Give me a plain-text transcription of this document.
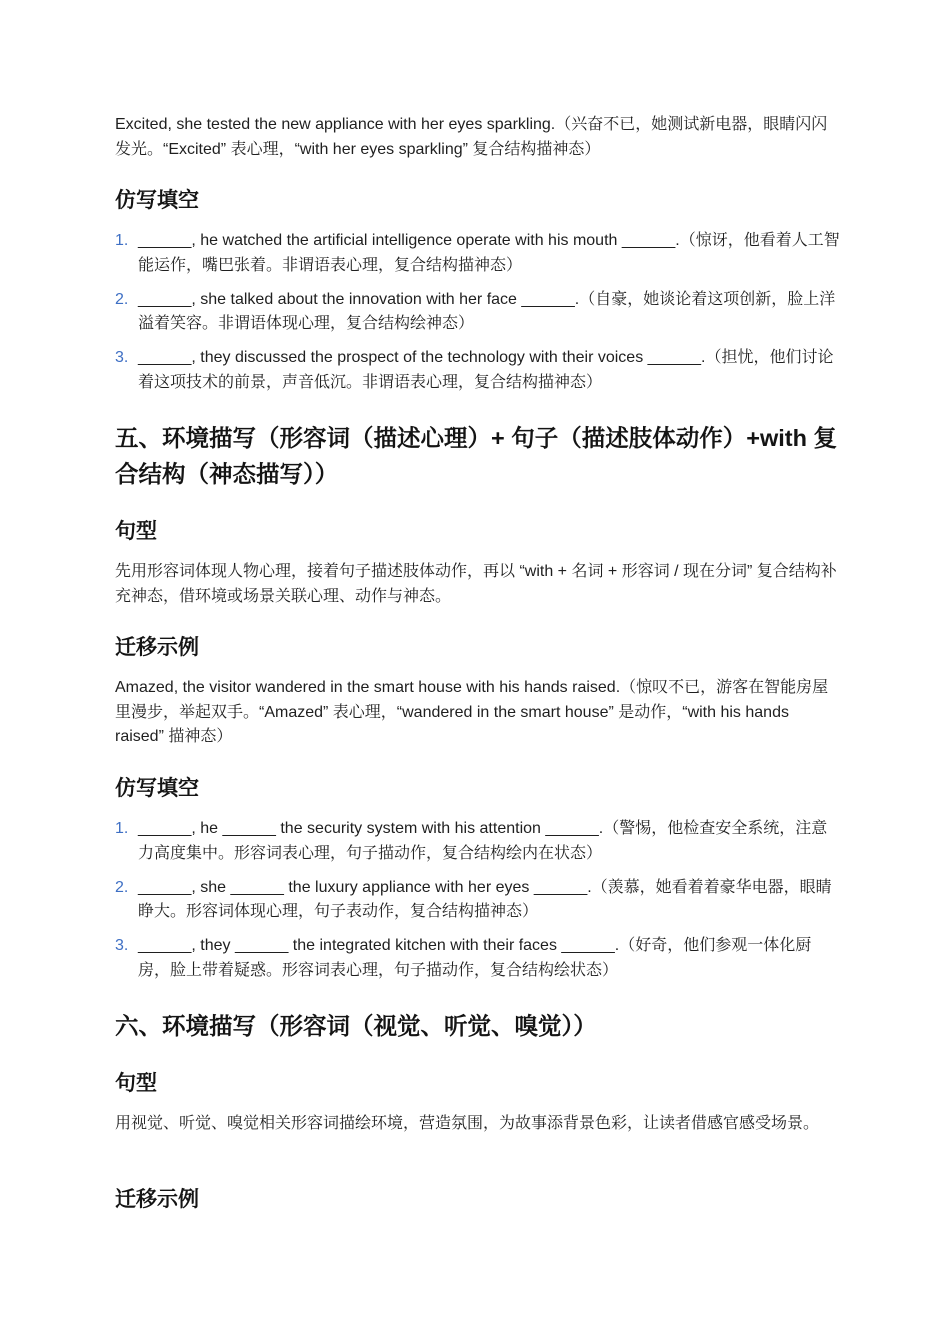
Excited, she tested the new appliance with her eyes sparkling.（兴奋不已，她测试新电器，眼睛闪闪发光。“Excited” 表心理，“with her eyes sparkling” 复合结构描神态）

仿写填空
1. ______, he watched the artificial intelligence operate with his mouth ______.（惊讶，他看着人工智能运作，嘴巴张着。非谓语表心理，复合结构描神态）
2. ______, she talked about the innovation with her face ______.（自豪，她谈论着这项创新，脸上洋溢着笑容。非谓语体现心理，复合结构绘神态）
3. ______, they discussed the prospect of the technology with their voices ______.（担忧，他们讨论着这项技术的前景，声音低沉。非谓语表心理，复合结构描神态）
五、环境描写（形容词（描述心理）+ 句子（描述肢体动作）+with 复合结构（神态描写））
句型

先用形容词体现人物心理，接着句子描述肢体动作，再以 “with + 名词 + 形容词 / 现在分词” 复合结构补充神态，借环境或场景关联心理、动作与神态。

迁移示例

Amazed, the visitor wandered in the smart house with his hands raised.（惊叹不已，游客在智能房屋里漫步，举起双手。“Amazed” 表心理，“wandered in the smart house” 是动作，“with his hands raised” 描神态）

仿写填空
1. ______, he ______ the security system with his attention ______.（警惕，他检查安全系统，注意力高度集中。形容词表心理，句子描动作，复合结构绘内在状态）
2. ______, she ______ the luxury appliance with her eyes ______.（羡慕，她看着着豪华电器，眼睛睁大。形容词体现心理，句子表动作，复合结构描神态）
3. ______, they ______ the integrated kitchen with their faces ______.（好奇，他们参观一体化厨房，脸上带着疑惑。形容词表心理，句子描动作，复合结构绘状态）
六、环境描写（形容词（视觉、听觉、嗅觉））
句型

用视觉、听觉、嗅觉相关形容词描绘环境，营造氛围，为故事添背景色彩，让读者借感官感受场景。

迁移示例
